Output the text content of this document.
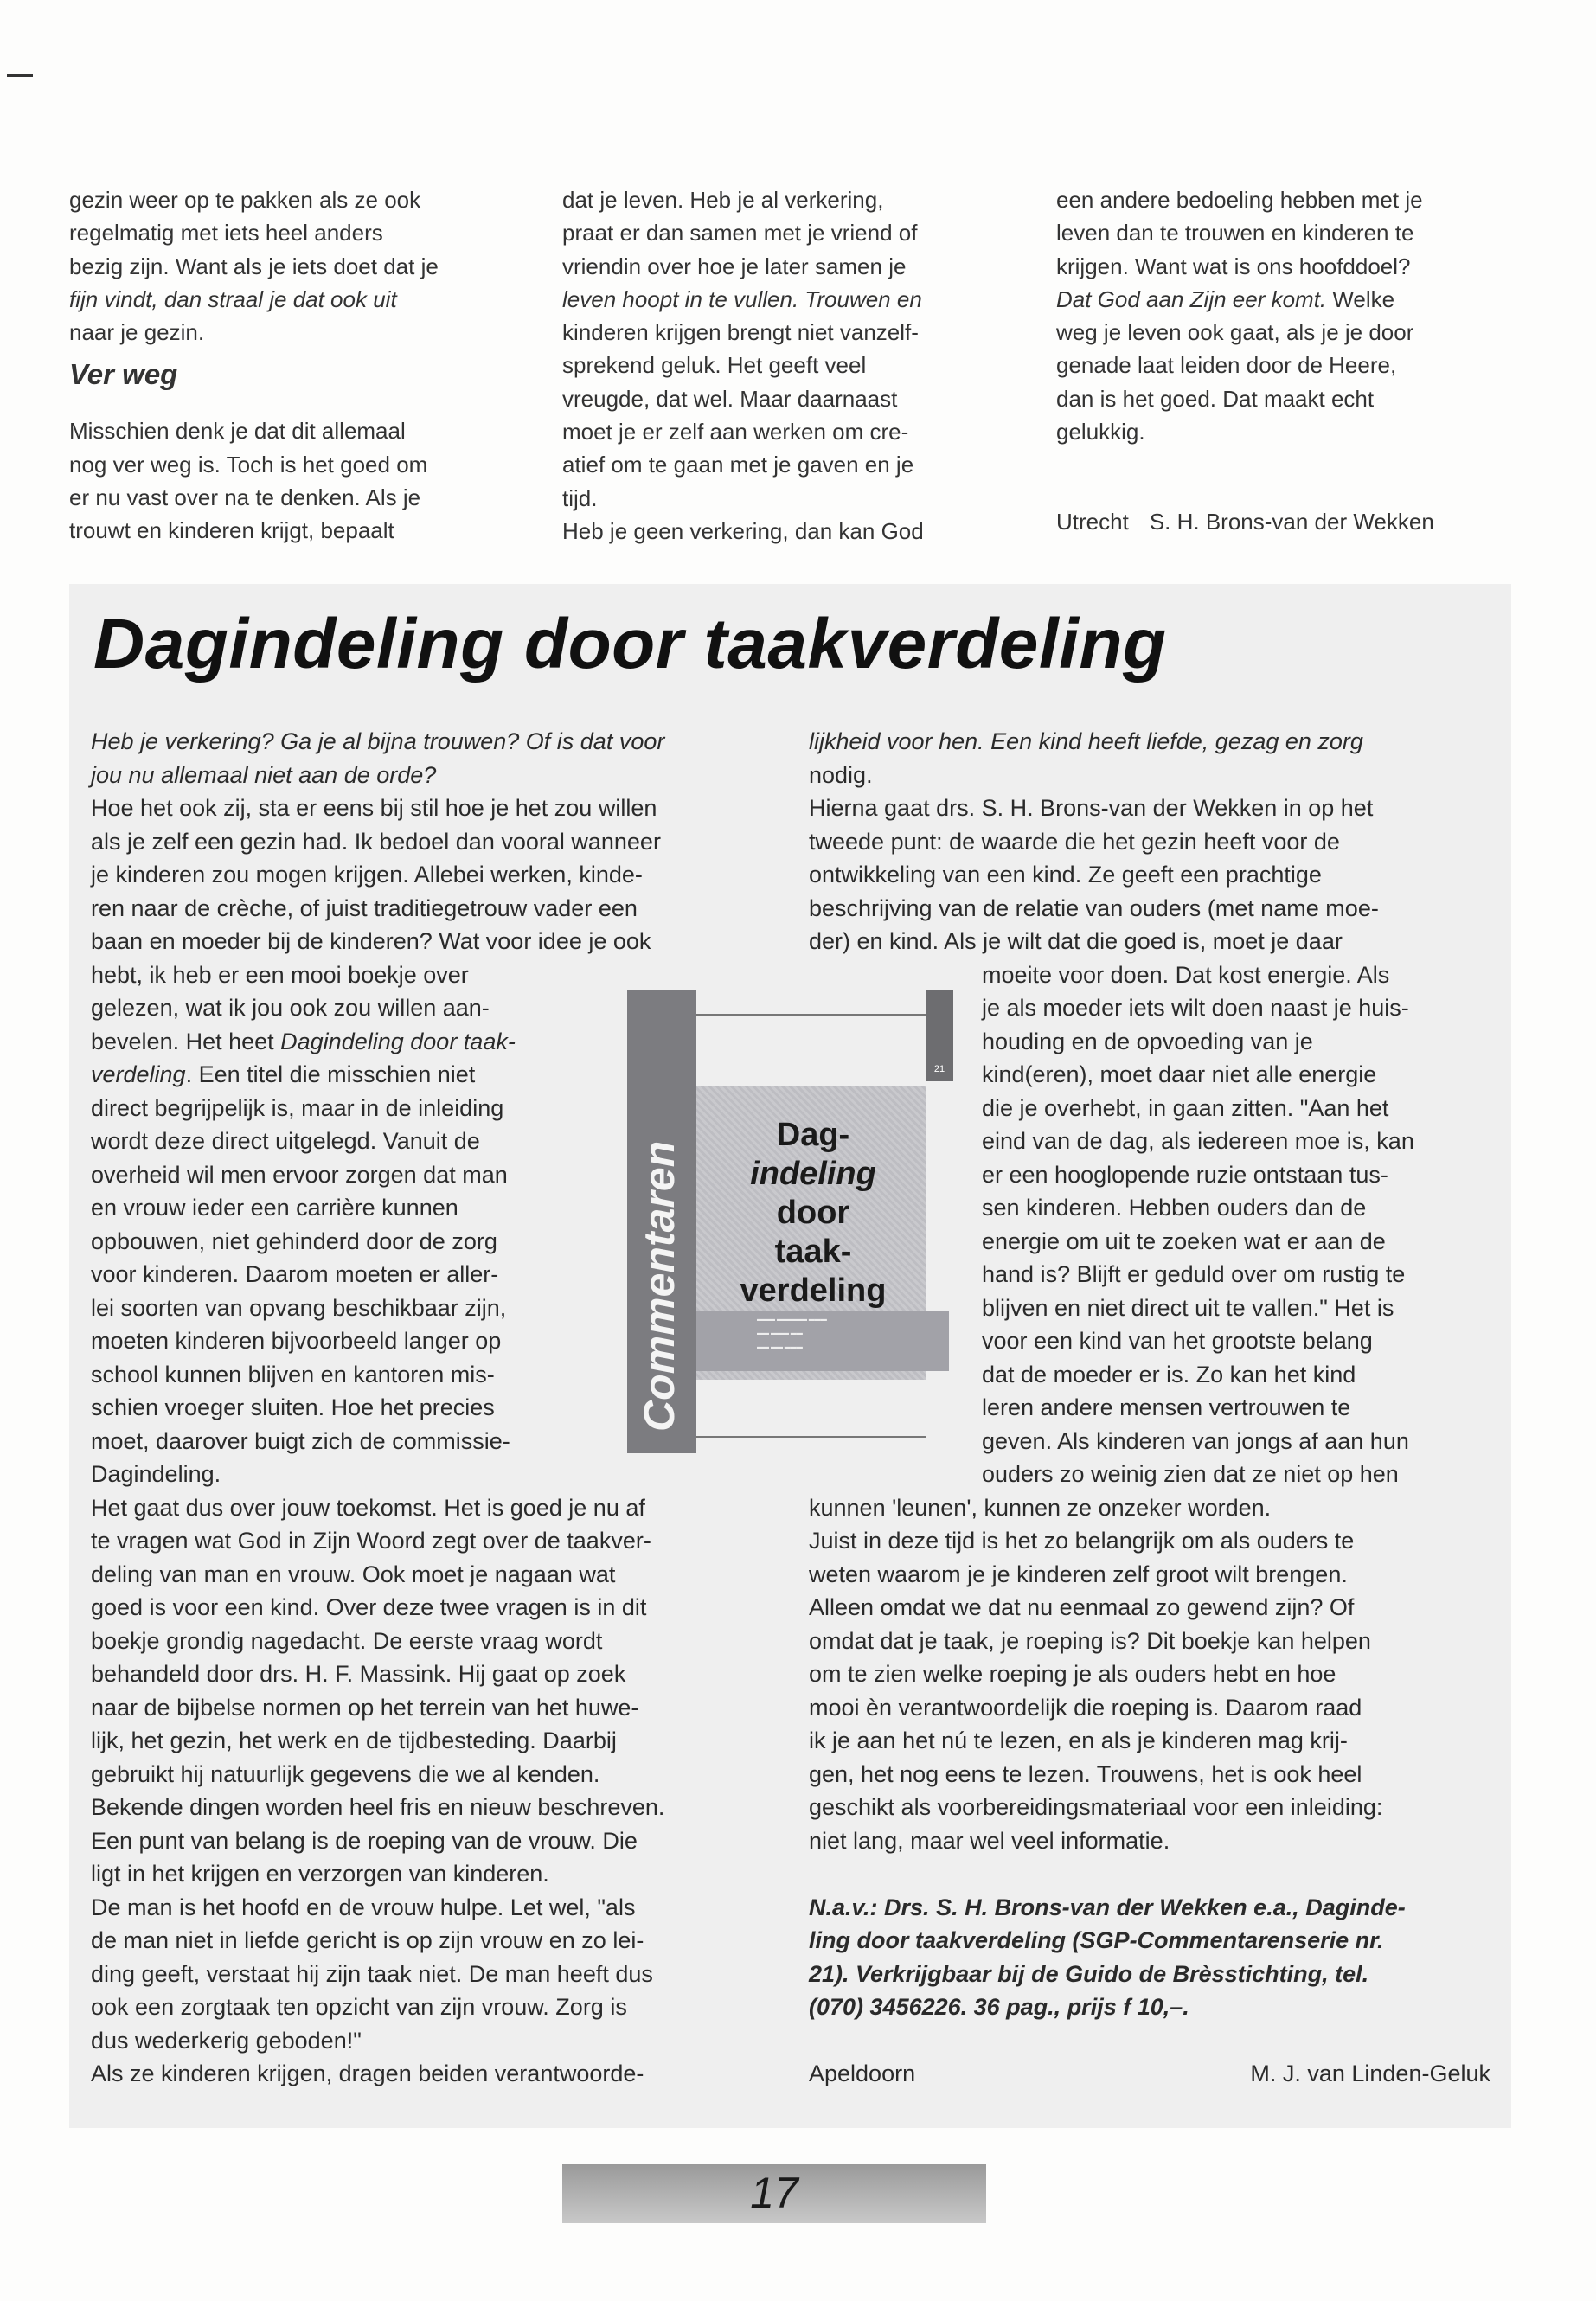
gezin weer op te pakken als ze ook
regelmatig met iets heel anders
bezig zijn. Want als je iets doet dat je
fijn vindt, dan straal je dat ook uit
naar je gezin.
Ver weg
Misschien denk je dat dit allemaal
nog ver weg is. Toch is het goed om
er nu vast over na te denken. Als je
trouwt en kinderen krijgt, bepaalt
dat je leven. Heb je al verkering,
praat er dan samen met je vriend of
vriendin over hoe je later samen je
leven hoopt in te vullen. Trouwen en
kinderen krijgen brengt niet vanzelf-
sprekend geluk. Het geeft veel
vreugde, dat wel. Maar daarnaast
moet je er zelf aan werken om cre-
atief om te gaan met je gaven en je
tijd.
Heb je geen verkering, dan kan God
een andere bedoeling hebben met je
leven dan te trouwen en kinderen te
krijgen. Want wat is ons hoofddoel?
Dat God aan Zijn eer komt. Welke
weg je leven ook gaat, als je je door
genade laat leiden door de Heere,
dan is het goed. Dat maakt echt
gelukkig.
Utrecht S. H. Brons-van der Wekken
Dagindeling door taakverdeling
Heb je verkering? Ga je al bijna trouwen? Of is dat voor
jou nu allemaal niet aan de orde?
Hoe het ook zij, sta er eens bij stil hoe je het zou willen
als je zelf een gezin had. Ik bedoel dan vooral wanneer
je kinderen zou mogen krijgen. Allebei werken, kinde-
ren naar de crèche, of juist traditiegetrouw vader een
baan en moeder bij de kinderen? Wat voor idee je ook
hebt, ik heb er een mooi boekje over
gelezen, wat ik jou ook zou willen aan-
bevelen. Het heet Dagindeling door taak-
verdeling. Een titel die misschien niet
direct begrijpelijk is, maar in de inleiding
wordt deze direct uitgelegd. Vanuit de
overheid wil men ervoor zorgen dat man
en vrouw ieder een carrière kunnen
opbouwen, niet gehinderd door de zorg
voor kinderen. Daarom moeten er aller-
lei soorten van opvang beschikbaar zijn,
moeten kinderen bijvoorbeeld langer op
school kunnen blijven en kantoren mis-
schien vroeger sluiten. Hoe het precies
moet, daarover buigt zich de commissie-
Dagindeling.
Het gaat dus over jouw toekomst. Het is goed je nu af
te vragen wat God in Zijn Woord zegt over de taakver-
deling van man en vrouw. Ook moet je nagaan wat
goed is voor een kind. Over deze twee vragen is in dit
boekje grondig nagedacht. De eerste vraag wordt
behandeld door drs. H. F. Massink. Hij gaat op zoek
naar de bijbelse normen op het terrein van het huwe-
lijk, het gezin, het werk en de tijdbesteding. Daarbij
gebruikt hij natuurlijk gegevens die we al kenden.
Bekende dingen worden heel fris en nieuw beschreven.
Een punt van belang is de roeping van de vrouw. Die
ligt in het krijgen en verzorgen van kinderen.
De man is het hoofd en de vrouw hulpe. Let wel, "als
de man niet in liefde gericht is op zijn vrouw en zo lei-
ding geeft, verstaat hij zijn taak niet. De man heeft dus
ook een zorgtaak ten opzicht van zijn vrouw. Zorg is
dus wederkerig geboden!"
Als ze kinderen krijgen, dragen beiden verantwoorde-
lijkheid voor hen. Een kind heeft liefde, gezag en zorg
nodig.
Hierna gaat drs. S. H. Brons-van der Wekken in op het
tweede punt: de waarde die het gezin heeft voor de
ontwikkeling van een kind. Ze geeft een prachtige
beschrijving van de relatie van ouders (met name moe-
der) en kind. Als je wilt dat die goed is, moet je daar
moeite voor doen. Dat kost energie. Als
je als moeder iets wilt doen naast je huis-
houding en de opvoeding van je
kind(eren), moet daar niet alle energie
die je overhebt, in gaan zitten. "Aan het
eind van de dag, als iedereen moe is, kan
er een hooglopende ruzie ontstaan tus-
sen kinderen. Hebben ouders dan de
energie om uit te zoeken wat er aan de
hand is? Blijft er geduld over om rustig te
blijven en niet direct uit te vallen." Het is
voor een kind van het grootste belang
dat de moeder er is. Zo kan het kind
leren andere mensen vertrouwen te
geven. Als kinderen van jongs af aan hun
ouders zo weinig zien dat ze niet op hen
kunnen 'leunen', kunnen ze onzeker worden.
Juist in deze tijd is het zo belangrijk om als ouders te
weten waarom je je kinderen zelf groot wilt brengen.
Alleen omdat we dat nu eenmaal zo gewend zijn? Of
omdat dat je taak, je roeping is? Dit boekje kan helpen
om te zien welke roeping je als ouders hebt en hoe
mooi èn verantwoordelijk die roeping is. Daarom raad
ik je aan het nú te lezen, en als je kinderen mag krij-
gen, het nog eens te lezen. Trouwens, het is ook heel
geschikt als voorbereidingsmateriaal voor een inleiding:
niet lang, maar wel veel informatie.
N.a.v.: Drs. S. H. Brons-van der Wekken e.a., Daginde-
ling door taakverdeling (SGP-Commentarenserie nr.
21). Verkrijgbaar bij de Guido de Brèsstichting, tel.
(070) 3456226. 36 pag., prijs f 10,–.
Apeldoorn	M. J. van Linden-Geluk
21
▬▬▬ ▬▬▬▬▬ ▬▬▬
▬▬ ▬▬▬ ▬▬
▬▬ ▬▬ ▬▬▬
Dag-
indeling
door
taak-
verdeling
Commentaren
17
